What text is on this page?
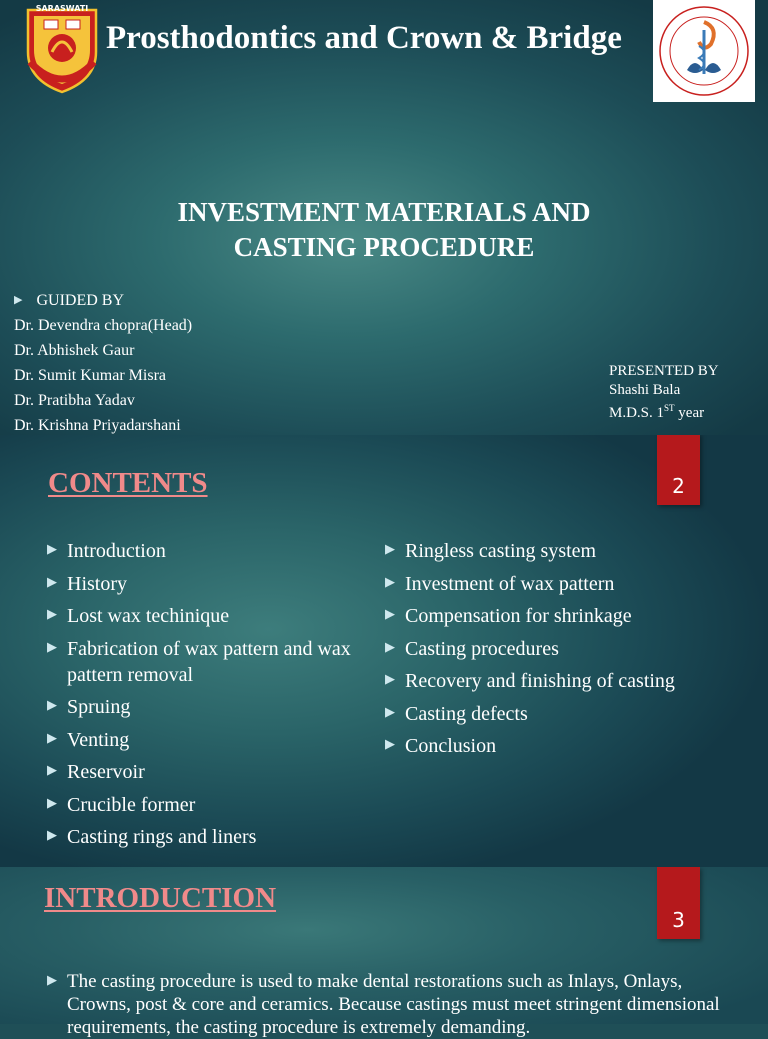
SARASWATI
Prosthodontics and Crown & Bridge
INVESTMENT MATERIALS AND
CASTING PROCEDURE
▶ GUIDED BY
Dr. Devendra chopra(Head)
Dr. Abhishek Gaur
Dr. Sumit Kumar Misra
Dr. Pratibha Yadav
Dr. Krishna Priyadarshani
PRESENTED BY
Shashi Bala
M.D.S. 1ST year
2
CONTENTS
▶ Introduction
▶ History
▶ Lost wax techinique
▶ Fabrication of wax pattern and wax pattern removal
▶ Spruing
▶ Venting
▶ Reservoir
▶ Crucible former
▶ Casting rings and liners
▶ Ringless casting system
▶ Investment of wax pattern
▶ Compensation for shrinkage
▶ Casting procedures
▶ Recovery and finishing of casting
▶ Casting defects
▶ Conclusion
3
INTRODUCTION
▶ The casting procedure is used to make dental restorations such as Inlays, Onlays, Crowns, post & core and ceramics. Because castings must meet stringent dimensional requirements, the casting procedure is extremely demanding.
